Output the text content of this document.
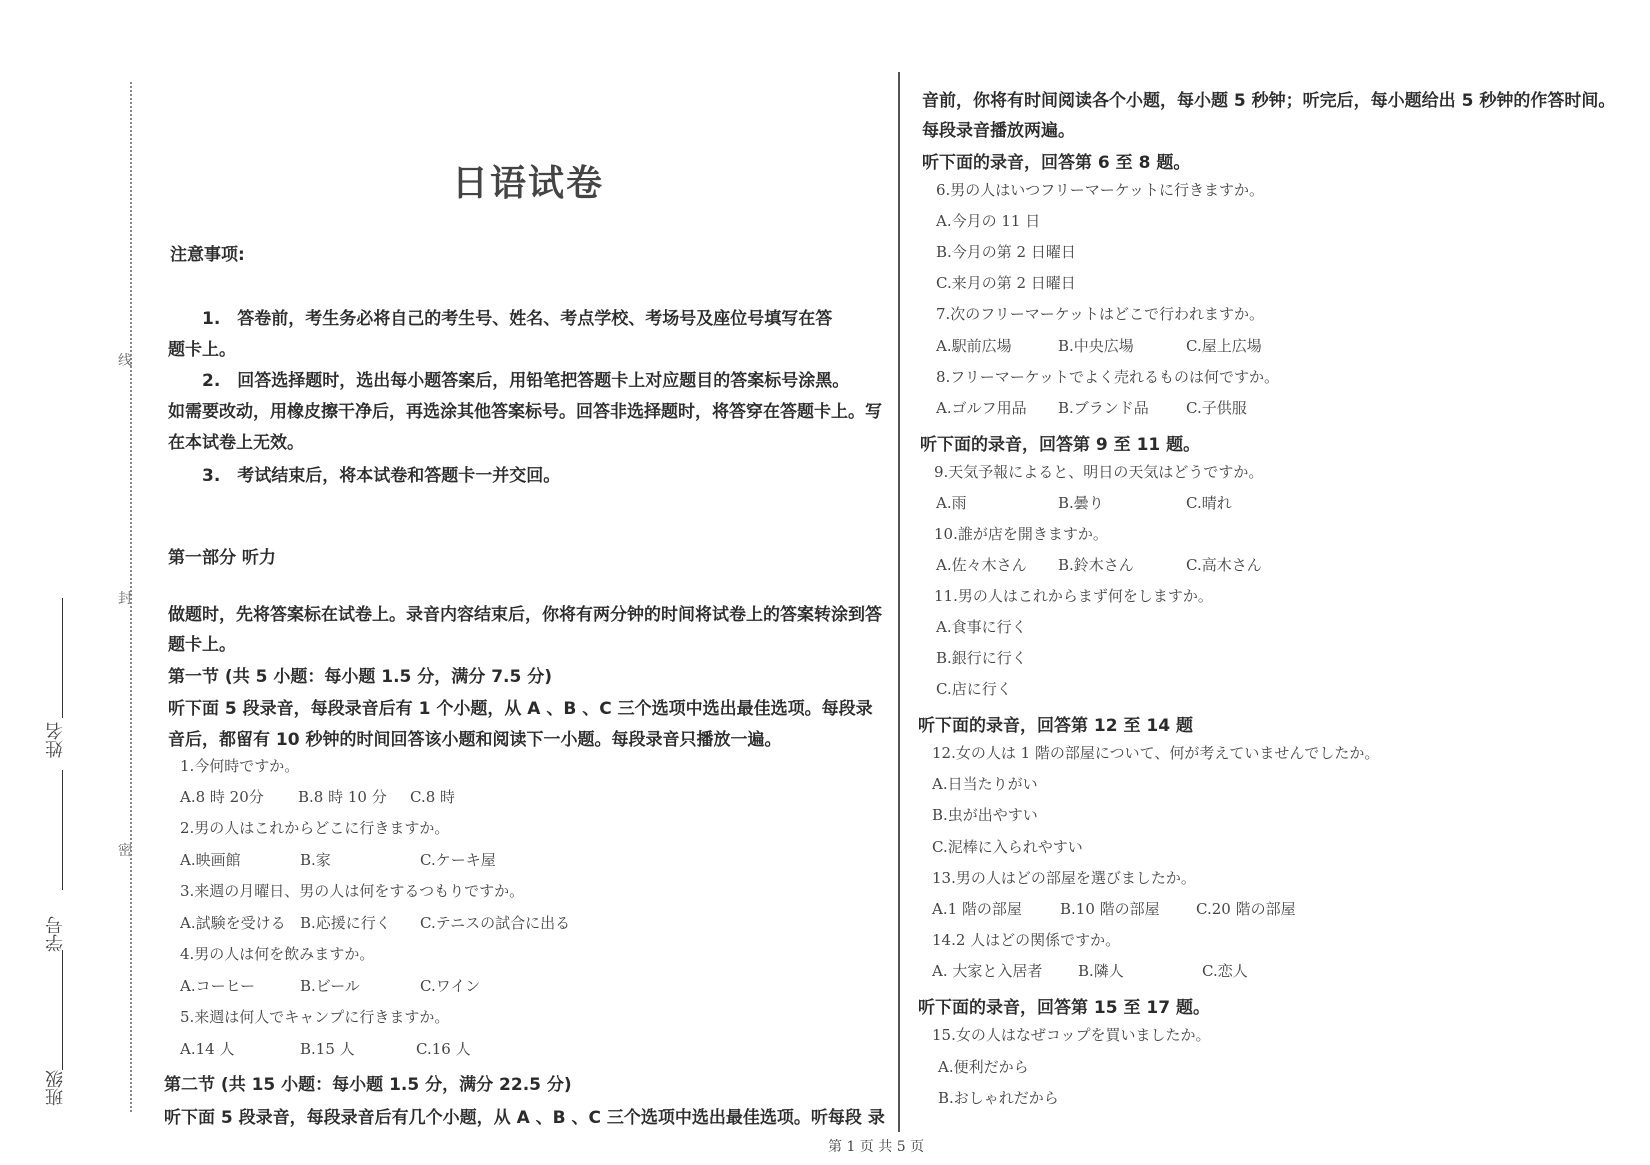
线
封
密
姓名
学号
班级
日语试卷
注意事项:
1.　答卷前，考生务必将自己的考生号、姓名、考点学校、考场号及座位号填写在答
题卡上。
2.　回答选择题时，选出每小题答案后，用铅笔把答题卡上对应题目的答案标号涂黑。
如需要改动，用橡皮擦干净后，再选涂其他答案标号。回答非选择题时，将答穿在答题卡上。写
在本试卷上无效。
3.　考试结束后，将本试卷和答题卡一并交回。
第一部分 听力
做题时，先将答案标在试卷上。录音内容结束后，你将有两分钟的时间将试卷上的答案转涂到答
题卡上。
第一节 (共 5 小题：每小题 1.5 分，满分 7.5 分)
听下面 5 段录音，每段录音后有 1 个小题，从 A 、B 、C 三个选项中选出最佳选项。每段录
音后，都留有 10 秒钟的时间回答该小题和阅读下一小题。每段录音只播放一遍。
1.今何時ですか。
A.8 時 20分 B.8 時 10 分 C.8 時
2.男の人はこれからどこに行きますか。
A.映画館	B.家	C.ケーキ屋
3.来週の月曜日、男の人は何をするつもりですか。
A.試験を受ける B.応援に行く C.テニスの試合に出る
4.男の人は何を飲みますか。
A.コーヒー	B.ビール	C.ワイン
5.来週は何人でキャンプに行きますか。
A.14 人	B.15 人	C.16 人
第二节 (共 15 小题：每小题 1.5 分，满分 22.5 分)
听下面 5 段录音，每段录音后有几个小题，从 A 、B 、C 三个选项中选出最佳选项。听每段 录
音前，你将有时间阅读各个小题，每小题 5 秒钟；听完后，每小题给出 5 秒钟的作答时间。
每段录音播放两遍。
听下面的录音，回答第 6 至 8 题。
6.男の人はいつフリーマーケットに行きますか。
A.今月の 11 日
B.今月の第 2 日曜日
C.来月の第 2 日曜日
7.次のフリーマーケットはどこで行われますか。
A.駅前広場	B.中央広場	C.屋上広場
8.フリーマーケットでよく売れるものは何ですか。
A.ゴルフ用品 B.ブランド品 C.子供服
听下面的录音，回答第 9 至 11 题。
9.天気予報によると、明日の天気はどうですか。
A.雨	B.曇り	C.晴れ
10.誰が店を開きますか。
A.佐々木さん B.鈴木さん	C.高木さん
11.男の人はこれからまず何をしますか。
A.食事に行く
B.銀行に行く
C.店に行く
听下面的录音，回答第 12 至 14 题
12.女の人は 1 階の部屋について、何が考えていませんでしたか。
A.日当たりがい
B.虫が出やすい
C.泥棒に入られやすい
13.男の人はどの部屋を選びましたか。
A.1 階の部屋	B.10 階の部屋 C.20 階の部屋
14.2 人はどの関係ですか。
A. 大家と入居者 B.隣人	C.恋人
听下面的录音，回答第 15 至 17 题。
15.女の人はなぜコップを買いましたか。
A.便利だから
B.おしゃれだから
第 1 页 共 5 页
